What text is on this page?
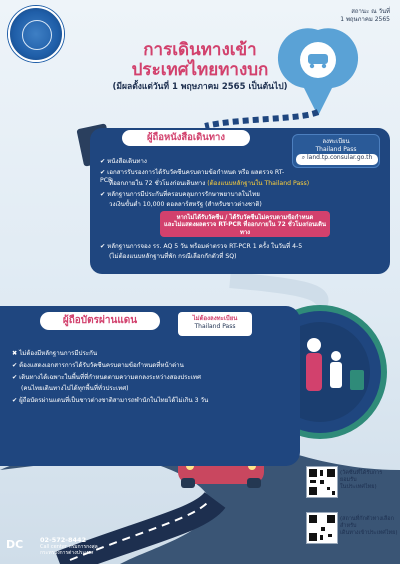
สถานะ ณ วันที่
1 พฤษภาคม 2565
การเดินทางเข้า
ประเทศไทยทางบก
(มีผลตั้งแต่วันที่ 1 พฤษภาคม 2565 เป็นต้นไป)
ผู้ถือหนังสือเดินทาง	ลงทะเบียน
Thailand Pass
⌕ land.tp.consular.go.th
✔ หนังสือเดินทาง
✔ เอกสารรับรองการได้รับวัคซีนครบตามข้อกำหนด หรือ ผลตรวจ RT-PCR
ที่ออกภายใน 72 ชั่วโมงก่อนเดินทาง (ต้องแนบหลักฐานใน Thailand Pass)
✔ หลักฐานการมีประกันที่ครอบคลุมการรักษาพยาบาลในไทย
วงเงินขั้นต่ำ 10,000 ดอลลาร์สหรัฐ (สำหรับชาวต่างชาติ)
หากไม่ได้รับวัคซีน / ได้รับวัคซีนไม่ครบตามข้อกำหนด
และไม่แสดงผลตรวจ RT-PCR ที่ออกภายใน 72 ชั่วโมงก่อนเดินทาง
✔ หลักฐานการจอง รร. AQ 5 วัน พร้อมค่าตรวจ RT-PCR 1 ครั้ง ในวันที่ 4-5
(ไม่ต้องแนบหลักฐานที่พัก กรณีเลือกกักตัวที่ SQ)
ผู้ถือบัตรผ่านแดน	ไม่ต้องลงทะเบียน
Thailand Pass
✖ ไม่ต้องมีหลักฐานการมีประกัน
✔ ต้องแสดงเอกสารการได้รับวัคซีนครบตามข้อกำหนดที่หน้าด่าน
✔ เดินทางได้เฉพาะในพื้นที่ที่กำหนดตามความตกลงระหว่างสองประเทศ
(คนไทยเดินทางไปได้ทุกพื้นที่ทั่วประเทศ)
✔ ผู้ถือบัตรผ่านแดนที่เป็นชาวต่างชาติสามารถพำนักในไทยได้ไม่เกิน 3 วัน
(วัคซีนที่ได้รับการยอมรับ
ในประเทศไทย)
(สถานที่กักตัวทางเลือกสำหรับ
เดินทางเข้าประเทศไทย)
DC	02-572-8442
Call center กรมการกงสุล
กระทรวงการต่างประเทศ
